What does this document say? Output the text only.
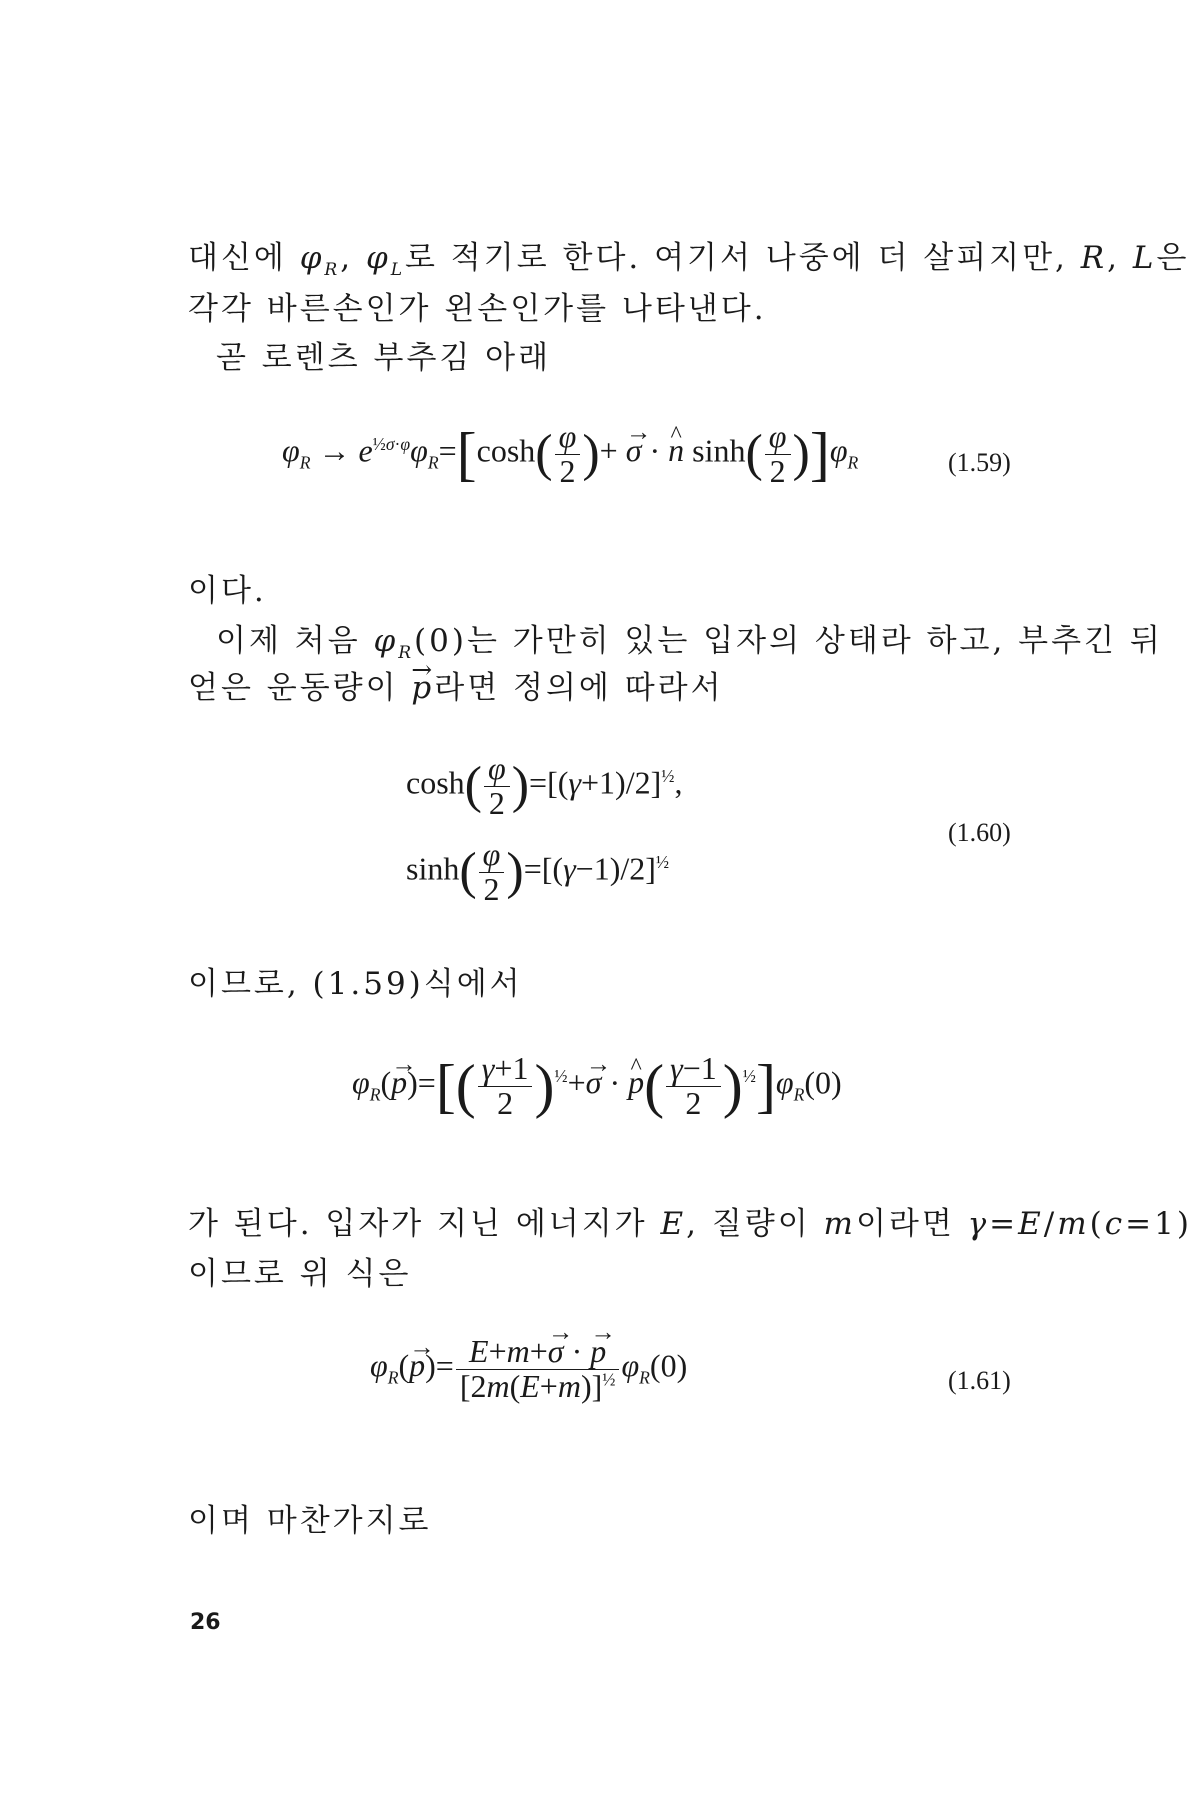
대신에 $\varphi_R$, $\varphi_L$로 적기로 한다. 여기서 나중에 더 살피지만, R, L은
각각 바른손인가 왼손인가를 나타낸다.
곧 로렌츠 부추김 아래
$\varphi_R \to e^{\frac{1}{2}\sigma\cdot\varphi}\varphi_R=[\cosh( \frac{\varphi}{2}$ )+ → σ · ^ n $\sinh( \frac{\varphi}{2} )]\varphi_R$	(1.59)
이다.
이제 처음 $\varphi_R(0)$는 가만히 있는 입자의 상태라 하고, 부추긴 뒤
얻은 운동량이 → p라면 정의에 따라서
$\cosh( \frac{\varphi}{2} )=[(\gamma+1)/2]^{\frac{1}{2}}$,
$\sinh( \frac{\varphi}{2} )=[(\gamma-1)/2]^{\frac{1}{2}}$
(1.60)
이므로, (1.59)식에서
$\varphi_R(\to p)=[( \frac{\gamma+1}{2} )^{\frac{1}{2}}+\to \sigma$ · ^ $p( \frac{\gamma-1}{2} )^{\frac{1}{2}}]\varphi_R(0)$
가 된다. 입자가 지닌 에너지가 E, 질량이 m이라면 γ=E/m(c=1)
이므로 위 식은
$\varphi_R(\to p)= \frac{E+m+\to \sigma \cdot \to p}{[2m(E+m)]^{\frac{1}{2}}} \varphi_R(0)$	(1.61)
이며 마찬가지로
26
